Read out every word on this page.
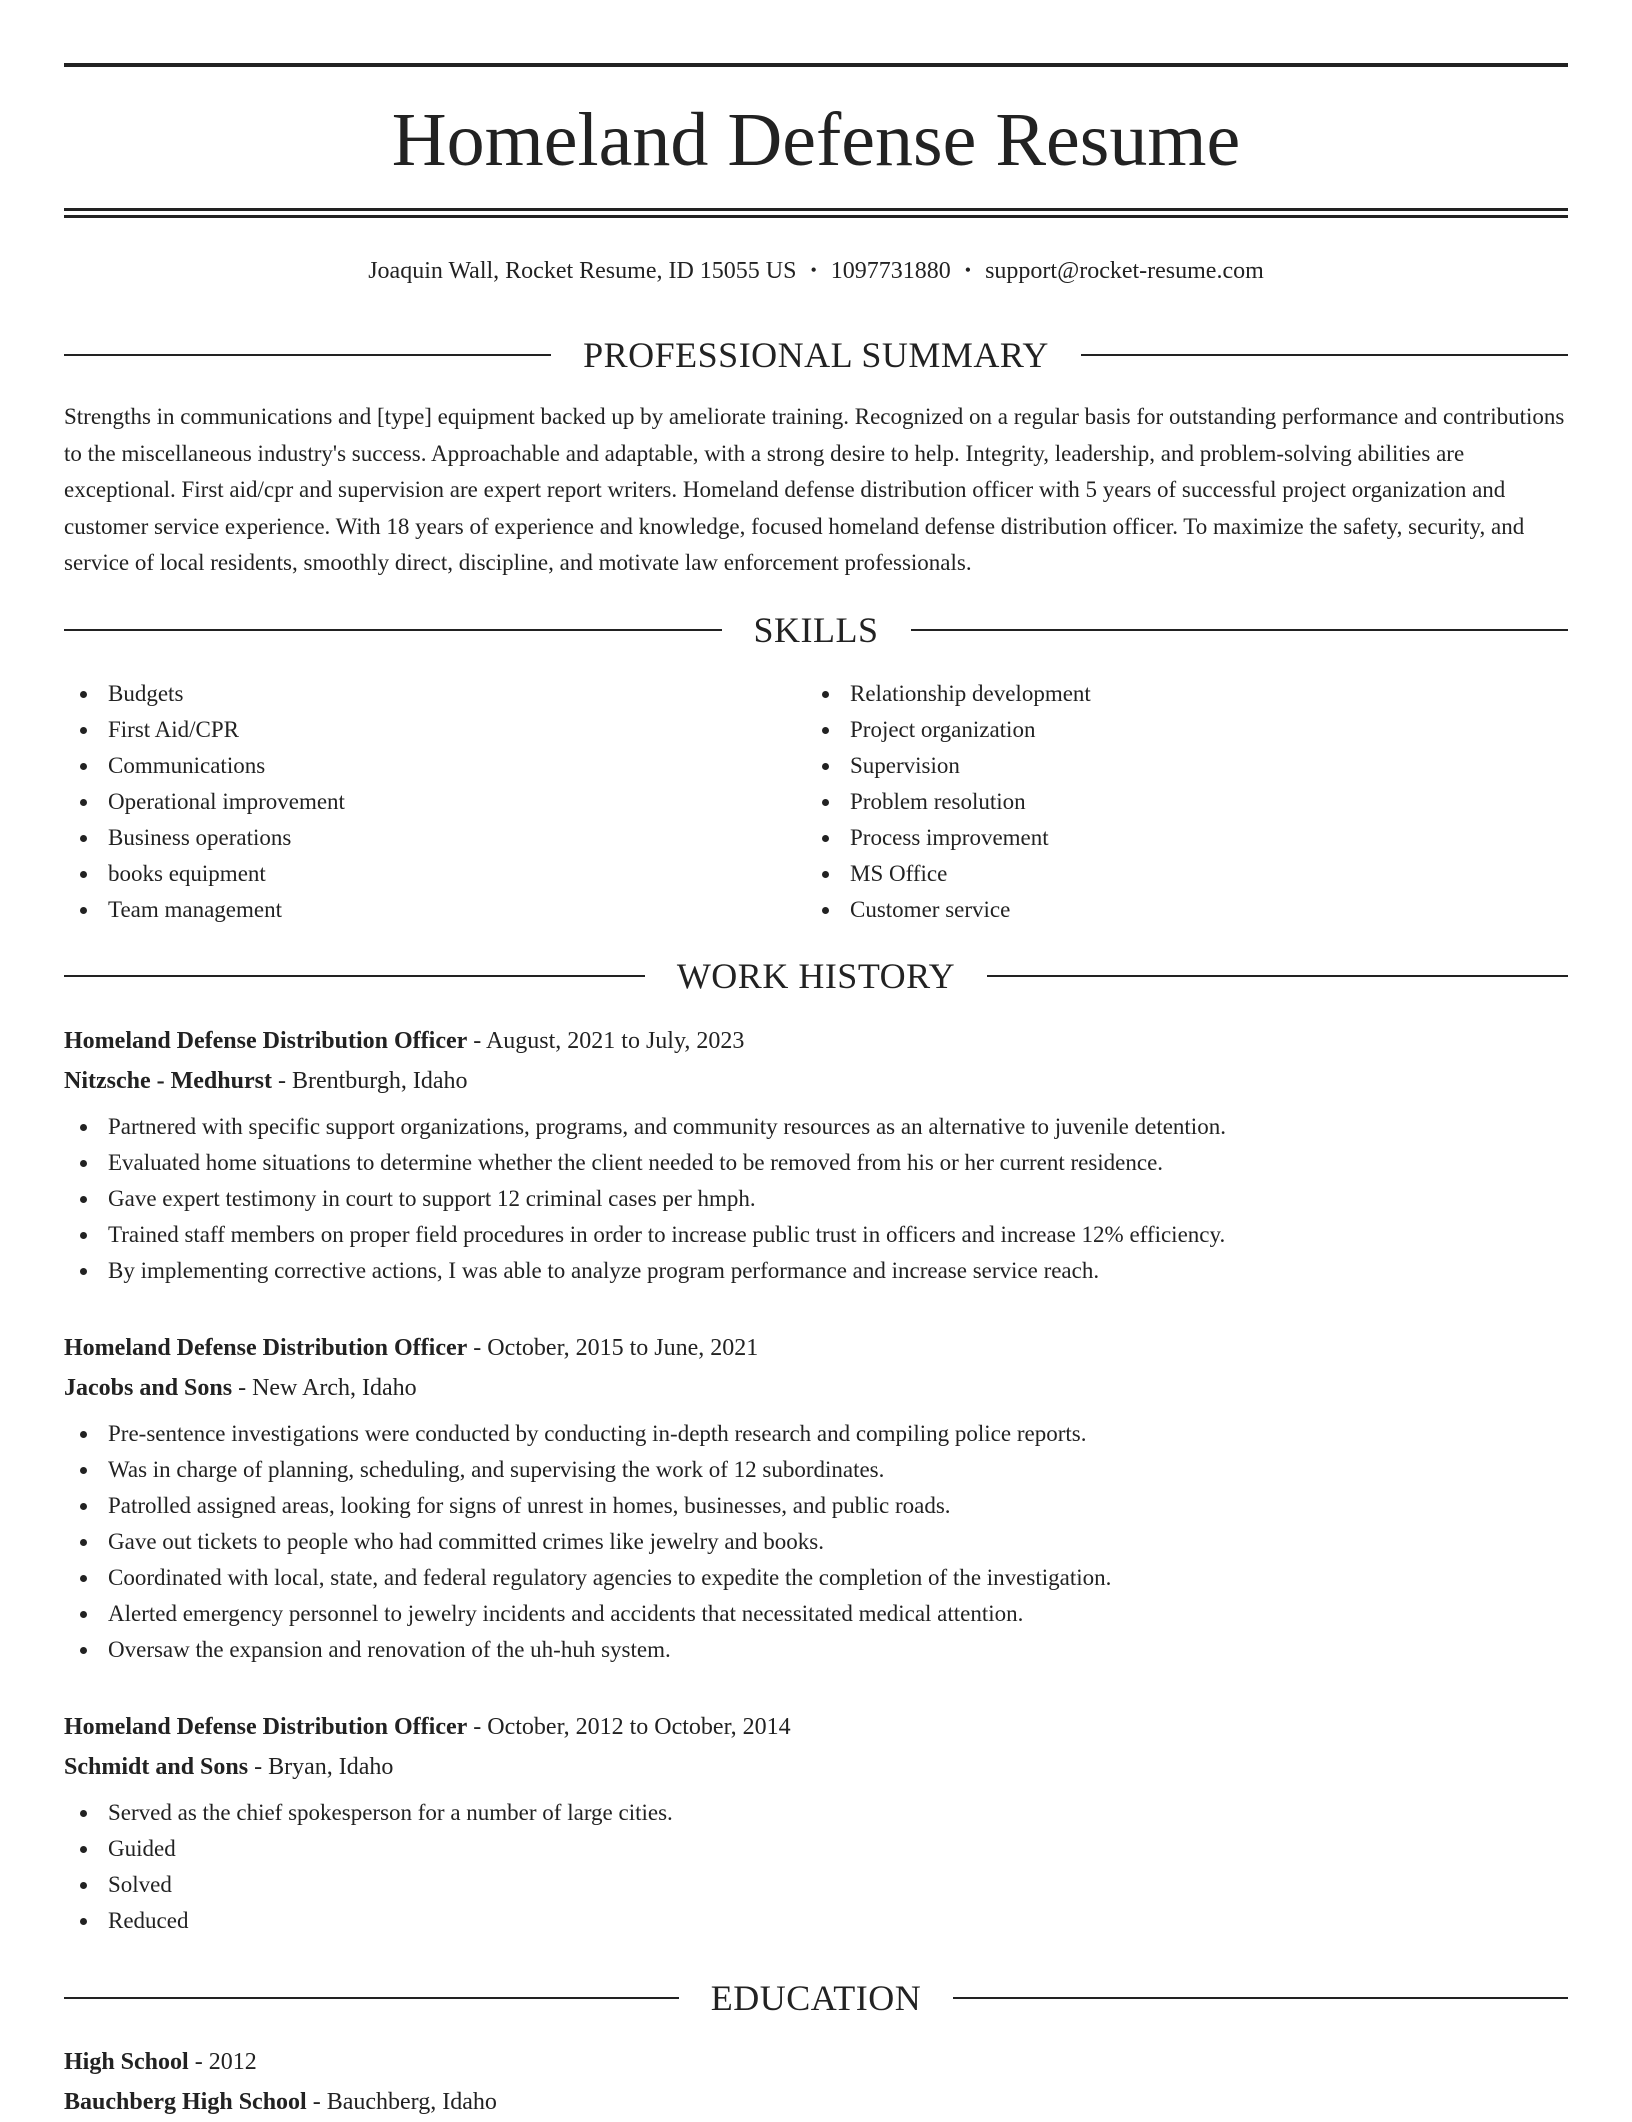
Homeland Defense Resume
Joaquin Wall, Rocket Resume, ID 15055 US • 1097731880 • support@rocket-resume.com
PROFESSIONAL SUMMARY

Strengths in communications and [type] equipment backed up by ameliorate training. Recognized on a regular basis for outstanding performance and contributions to the miscellaneous industry's success. Approachable and adaptable, with a strong desire to help. Integrity, leadership, and problem-solving abilities are exceptional. First aid/cpr and supervision are expert report writers. Homeland defense distribution officer with 5 years of successful project organization and customer service experience. With 18 years of experience and knowledge, focused homeland defense distribution officer. To maximize the safety, security, and service of local residents, smoothly direct, discipline, and motivate law enforcement professionals.

SKILLS
Budgets
First Aid/CPR
Communications
Operational improvement
Business operations
books equipment
Team management
Relationship development
Project organization
Supervision
Problem resolution
Process improvement
MS Office
Customer service
WORK HISTORY
Homeland Defense Distribution Officer - August, 2021 to July, 2023
Nitzsche - Medhurst - Brentburgh, Idaho
Partnered with specific support organizations, programs, and community resources as an alternative to juvenile detention.
Evaluated home situations to determine whether the client needed to be removed from his or her current residence.
Gave expert testimony in court to support 12 criminal cases per hmph.
Trained staff members on proper field procedures in order to increase public trust in officers and increase 12% efficiency.
By implementing corrective actions, I was able to analyze program performance and increase service reach.
Homeland Defense Distribution Officer - October, 2015 to June, 2021
Jacobs and Sons - New Arch, Idaho
Pre-sentence investigations were conducted by conducting in-depth research and compiling police reports.
Was in charge of planning, scheduling, and supervising the work of 12 subordinates.
Patrolled assigned areas, looking for signs of unrest in homes, businesses, and public roads.
Gave out tickets to people who had committed crimes like jewelry and books.
Coordinated with local, state, and federal regulatory agencies to expedite the completion of the investigation.
Alerted emergency personnel to jewelry incidents and accidents that necessitated medical attention.
Oversaw the expansion and renovation of the uh-huh system.
Homeland Defense Distribution Officer - October, 2012 to October, 2014
Schmidt and Sons - Bryan, Idaho
Served as the chief spokesperson for a number of large cities.
Guided
Solved
Reduced
EDUCATION
High School - 2012
Bauchberg High School - Bauchberg, Idaho
